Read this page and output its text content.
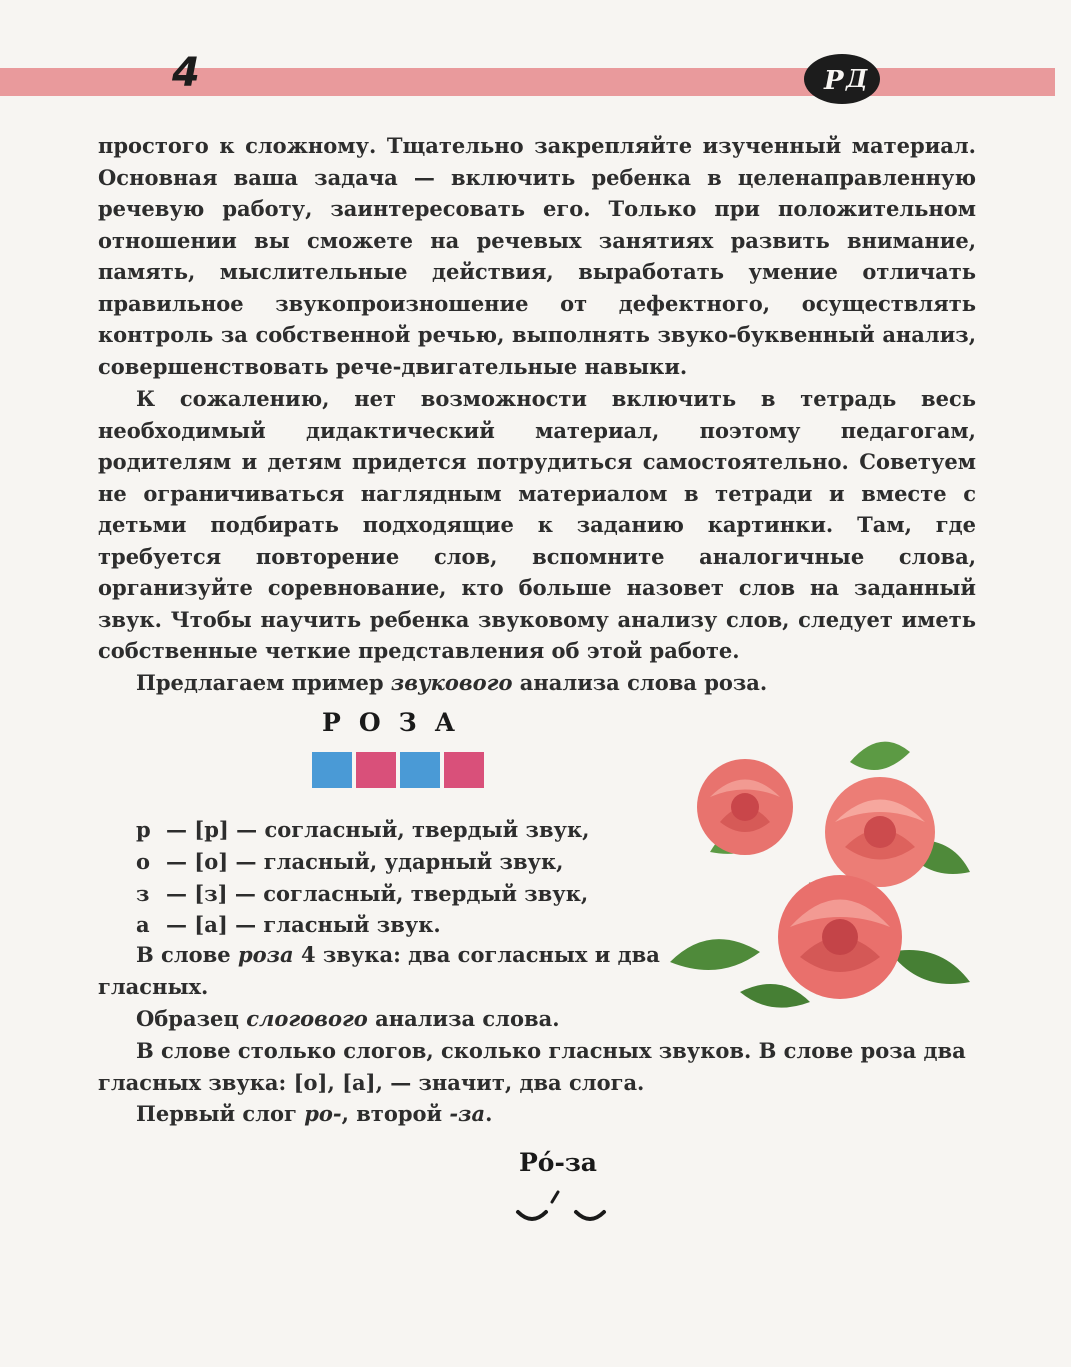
4	Р Д
простого к сложному. Тщательно закрепляйте изученный материал. Основная ваша задача — включить ребенка в целенаправленную речевую работу, заинтересовать его. Только при положительном отношении вы сможете на речевых занятиях развить внимание, память, мыслительные действия, выработать умение отличать правильное звукопроизношение от дефектного, осуществлять контроль за собственной речью, выполнять звуко-буквенный анализ, совершенствовать рече-двигательные навыки.
К сожалению, нет возможности включить в тетрадь весь необходимый дидактический материал, поэтому педагогам, родителям и детям придется потрудиться самостоятельно. Советуем не ограничиваться наглядным материалом в тетради и вместе с детьми подбирать подходящие к заданию картинки. Там, где требуется повторение слов, вспомните аналогичные слова, организуйте соревнование, кто больше назовет слов на заданный звук. Чтобы научить ребенка звуковому анализу слов, следует иметь собственные четкие представления об этой работе.
Предлагаем пример звукового анализа слова роза.
РОЗА
р — [р] — согласный, твердый звук,
о — [о] — гласный, ударный звук,
з — [з] — согласный, твердый звук,
а — [а] — гласный звук.
В слове роза 4 звука: два согласных и два гласных.
Образец слогового анализа слова.
В слове столько слогов, сколько гласных звуков. В слове роза два гласных звука: [о], [а], — значит, два слога.
Первый слог ро-, второй -за.
Ро́-за
